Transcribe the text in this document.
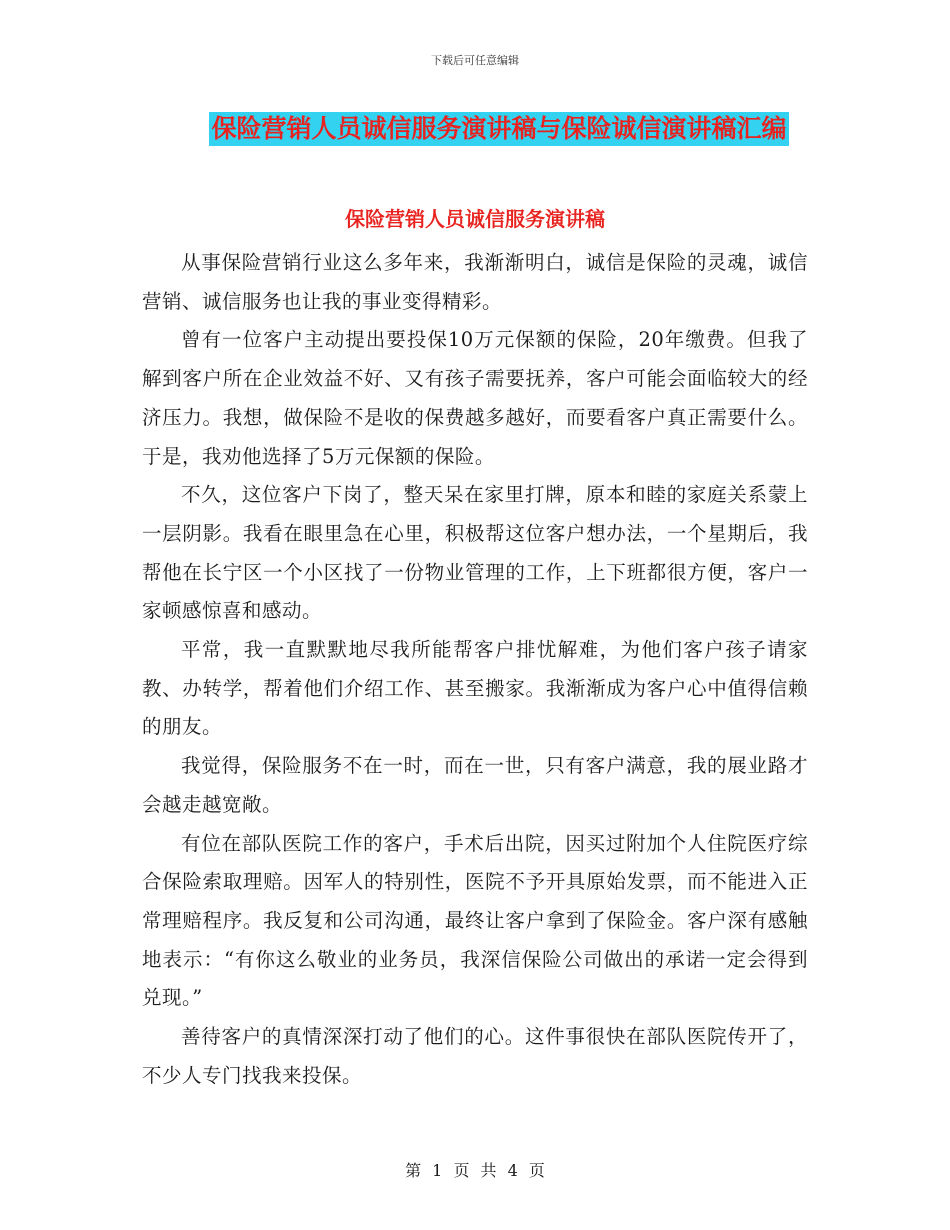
下载后可任意编辑
保险营销人员诚信服务演讲稿与保险诚信演讲稿汇编
保险营销人员诚信服务演讲稿

从事保险营销行业这么多年来，我渐渐明白，诚信是保险的灵魂，诚信营销、诚信服务也让我的事业变得精彩。

曾有一位客户主动提出要投保10万元保额的保险，20年缴费。但我了解到客户所在企业效益不好、又有孩子需要抚养，客户可能会面临较大的经济压力。我想，做保险不是收的保费越多越好，而要看客户真正需要什么。于是，我劝他选择了5万元保额的保险。

不久，这位客户下岗了，整天呆在家里打牌，原本和睦的家庭关系蒙上一层阴影。我看在眼里急在心里，积极帮这位客户想办法，一个星期后，我帮他在长宁区一个小区找了一份物业管理的工作，上下班都很方便，客户一家顿感惊喜和感动。

平常，我一直默默地尽我所能帮客户排忧解难，为他们客户孩子请家教、办转学，帮着他们介绍工作、甚至搬家。我渐渐成为客户心中值得信赖的朋友。

我觉得，保险服务不在一时，而在一世，只有客户满意，我的展业路才会越走越宽敞。

有位在部队医院工作的客户，手术后出院，因买过附加个人住院医疗综合保险索取理赔。因军人的特别性，医院不予开具原始发票，而不能进入正常理赔程序。我反复和公司沟通，最终让客户拿到了保险金。客户深有感触地表示：“有你这么敬业的业务员，我深信保险公司做出的承诺一定会得到兑现。”

善待客户的真情深深打动了他们的心。这件事很快在部队医院传开了，不少人专门找我来投保。

第 1 页 共 4 页
